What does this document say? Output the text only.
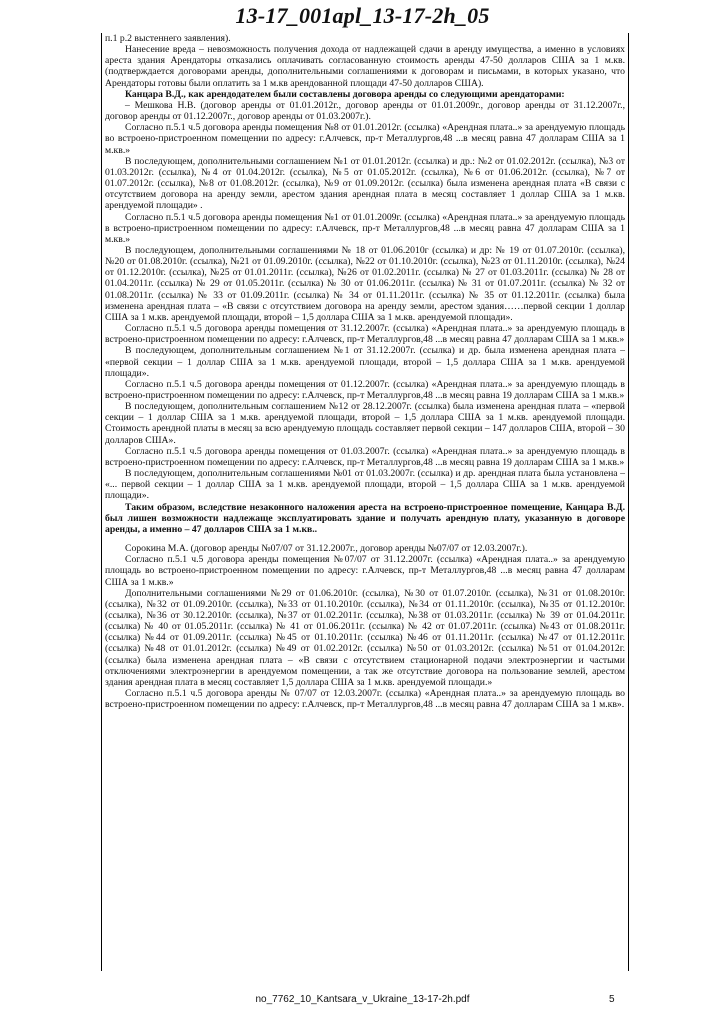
13-17_001apl_13-17-2h_05

п.1 р.2 выстеннего заявления).

Нанесение вреда – невозможность получения дохода от надлежащей сдачи в аренду имущества, а именно в условиях ареста здания Арендаторы отказались оплачивать согласованную стоимость аренды 47-50 долларов США за 1 м.кв. (подтверждается договорами аренды, дополнительными соглашениями к договорам и письмами, в которых указано, что Арендаторы готовы были оплатить за 1 м.кв арендованной площади 47-50 долларов США).

Канцара В.Д., как арендодателем были составлены договора аренды со следующими арендаторами:

– Мешкова Н.В. (договор аренды от 01.01.2012г., договор аренды от 01.01.2009г., договор аренды от 31.12.2007г., договор аренды от 01.12.2007г., договор аренды от 01.03.2007г.).

Согласно п.5.1 ч.5 договора аренды помещения №8 от 01.01.2012г. (ссылка) «Арендная плата..» за арендуемую площадь во встроено-пристроенном помещении по адресу: г.Алчевск, пр-т Металлургов,48 ...в месяц равна 47 долларам США за 1 м.кв.»

В последующем, дополнительными соглашением №1 от 01.01.2012г. (ссылка) и др.: №2 от 01.02.2012г. (ссылка), №3 от 01.03.2012г. (ссылка), №4 от 01.04.2012г. (ссылка), №5 от 01.05.2012г. (ссылка), №6 от 01.06.2012г. (ссылка), №7 от 01.07.2012г. (ссылка), №8 от 01.08.2012г. (ссылка), №9 от 01.09.2012г. (ссылка) была изменена арендная плата «В связи с отсутствием договора на аренду земли, арестом здания арендная плата в месяц составляет 1 доллар США за 1 м.кв. арендуемой площади» .

Согласно п.5.1 ч.5 договора аренды помещения №1 от 01.01.2009г. (ссылка) «Арендная плата..» за арендуемую площадь в встроено-пристроенном помещении по адресу: г.Алчевск, пр-т Металлургов,48 ...в месяц равна 47 долларам США за 1 м.кв.»

В последующем, дополнительными соглашениями № 18 от 01.06.2010г (ссылка) и др: № 19 от 01.07.2010г. (ссылка), №20 от 01.08.2010г. (ссылка), №21 от 01.09.2010г. (ссылка), №22 от 01.10.2010г. (ссылка), №23 от 01.11.2010г. (ссылка), №24 от 01.12.2010г. (ссылка), №25 от 01.01.2011г. (ссылка), №26 от 01.02.2011г. (ссылка) № 27 от 01.03.2011г. (ссылка) № 28 от 01.04.2011г. (ссылка) № 29 от 01.05.2011г. (ссылка) № 30 от 01.06.2011г. (ссылка) № 31 от 01.07.2011г. (ссылка) № 32 от 01.08.2011г. (ссылка) № 33 от 01.09.2011г. (ссылка) № 34 от 01.11.2011г. (ссылка) № 35 от 01.12.2011г. (ссылка) была изменена арендная плата – «В связи с отсутствием договора на аренду земли, арестом здания……первой секции 1 доллар США за 1 м.кв. арендуемой площади, второй – 1,5 доллара США за 1 м.кв. арендуемой площади».

Согласно п.5.1 ч.5 договора аренды помещения от 31.12.2007г. (ссылка) «Арендная плата..» за арендуемую площадь в встроено-пристроенном помещении по адресу: г.Алчевск, пр-т Металлургов,48 ...в месяц равна 47 долларам США за 1 м.кв.»

В последующем, дополнительным соглашением №1 от 31.12.2007г. (ссылка) и др. была изменена арендная плата – «первой секции – 1 доллар США за 1 м.кв. арендуемой площади, второй – 1,5 доллара США за 1 м.кв. арендуемой площади».

Согласно п.5.1 ч.5 договора аренды помещения от 01.12.2007г. (ссылка) «Арендная плата..» за арендуемую площадь в встроено-пристроенном помещении по адресу: г.Алчевск, пр-т Металлургов,48 ...в месяц равна 19 долларам США за 1 м.кв.»

В последующем, дополнительным соглашением №12 от 28.12.2007г. (ссылка) была изменена арендная плата – «первой секции – 1 доллар США за 1 м.кв. арендуемой площади, второй – 1,5 доллара США за 1 м.кв. арендуемой площади. Стоимость арендной платы в месяц за всю арендуемую площадь составляет первой секции – 147 долларов США, второй – 30 долларов США».

Согласно п.5.1 ч.5 договора аренды помещения от 01.03.2007г. (ссылка) «Арендная плата..» за арендуемую площадь в встроено-пристроенном помещении по адресу: г.Алчевск, пр-т Металлургов,48 ...в месяц равна 19 долларам США за 1 м.кв.»

В последующем, дополнительным соглашениями №01 от 01.03.2007г. (ссылка) и др. арендная плата была установлена – «... первой секции – 1 доллар США за 1 м.кв. арендуемой площади, второй – 1,5 доллара США за 1 м.кв. арендуемой площади».

Таким образом, вследствие незаконного наложения ареста на встроено-пристроенное помещение, Канцара В.Д. был лишен возможности надлежаще эксплуатировать здание и получать арендную плату, указанную в договоре аренды, а именно – 47 долларов США за 1 м.кв..

Сорокина М.А. (договор аренды №07/07 от 31.12.2007г., договор аренды №07/07 от 12.03.2007г.).

Согласно п.5.1 ч.5 договора аренды помещения №07/07 от 31.12.2007г. (ссылка) «Арендная плата..» за арендуемую площадь во встроено-пристроенном помещении по адресу: г.Алчевск, пр-т Металлургов,48 ...в месяц равна 47 долларам США за 1 м.кв.»

Дополнительными соглашениями №29 от 01.06.2010г. (ссылка), №30 от 01.07.2010г. (ссылка), №31 от 01.08.2010г. (ссылка), №32 от 01.09.2010г. (ссылка), №33 от 01.10.2010г. (ссылка), №34 от 01.11.2010г. (ссылка), №35 от 01.12.2010г. (ссылка), №36 от 30.12.2010г. (ссылка), №37 от 01.02.2011г. (ссылка), №38 от 01.03.2011г. (ссылка) № 39 от 01.04.2011г. (ссылка) № 40 от 01.05.2011г. (ссылка) № 41 от 01.06.2011г. (ссылка) № 42 от 01.07.2011г. (ссылка) №43 от 01.08.2011г. (ссылка) №44 от 01.09.2011г. (ссылка) №45 от 01.10.2011г. (ссылка) №46 от 01.11.2011г. (ссылка) №47 от 01.12.2011г. (ссылка) №48 от 01.01.2012г. (ссылка) №49 от 01.02.2012г. (ссылка) №50 от 01.03.2012г. (ссылка) №51 от 01.04.2012г. (ссылка) была изменена арендная плата – «В связи с отсутствием стационарной подачи электроэнергии и частыми отключениями электроэнергии в арендуемом помещении, а так же отсутствие договора на пользование землей, арестом здания арендная плата в месяц составляет 1,5 доллара США за 1 м.кв. арендуемой площади.»

Согласно п.5.1 ч.5 договора аренды № 07/07 от 12.03.2007г. (ссылка) «Арендная плата..» за арендуемую площадь во встроено-пристроенном помещении по адресу: г.Алчевск, пр-т Металлургов,48 ...в месяц равна 47 долларам США за 1 м.кв».

no_7762_10_Kantsara_v_Ukraine_13-17-2h.pdf	5
